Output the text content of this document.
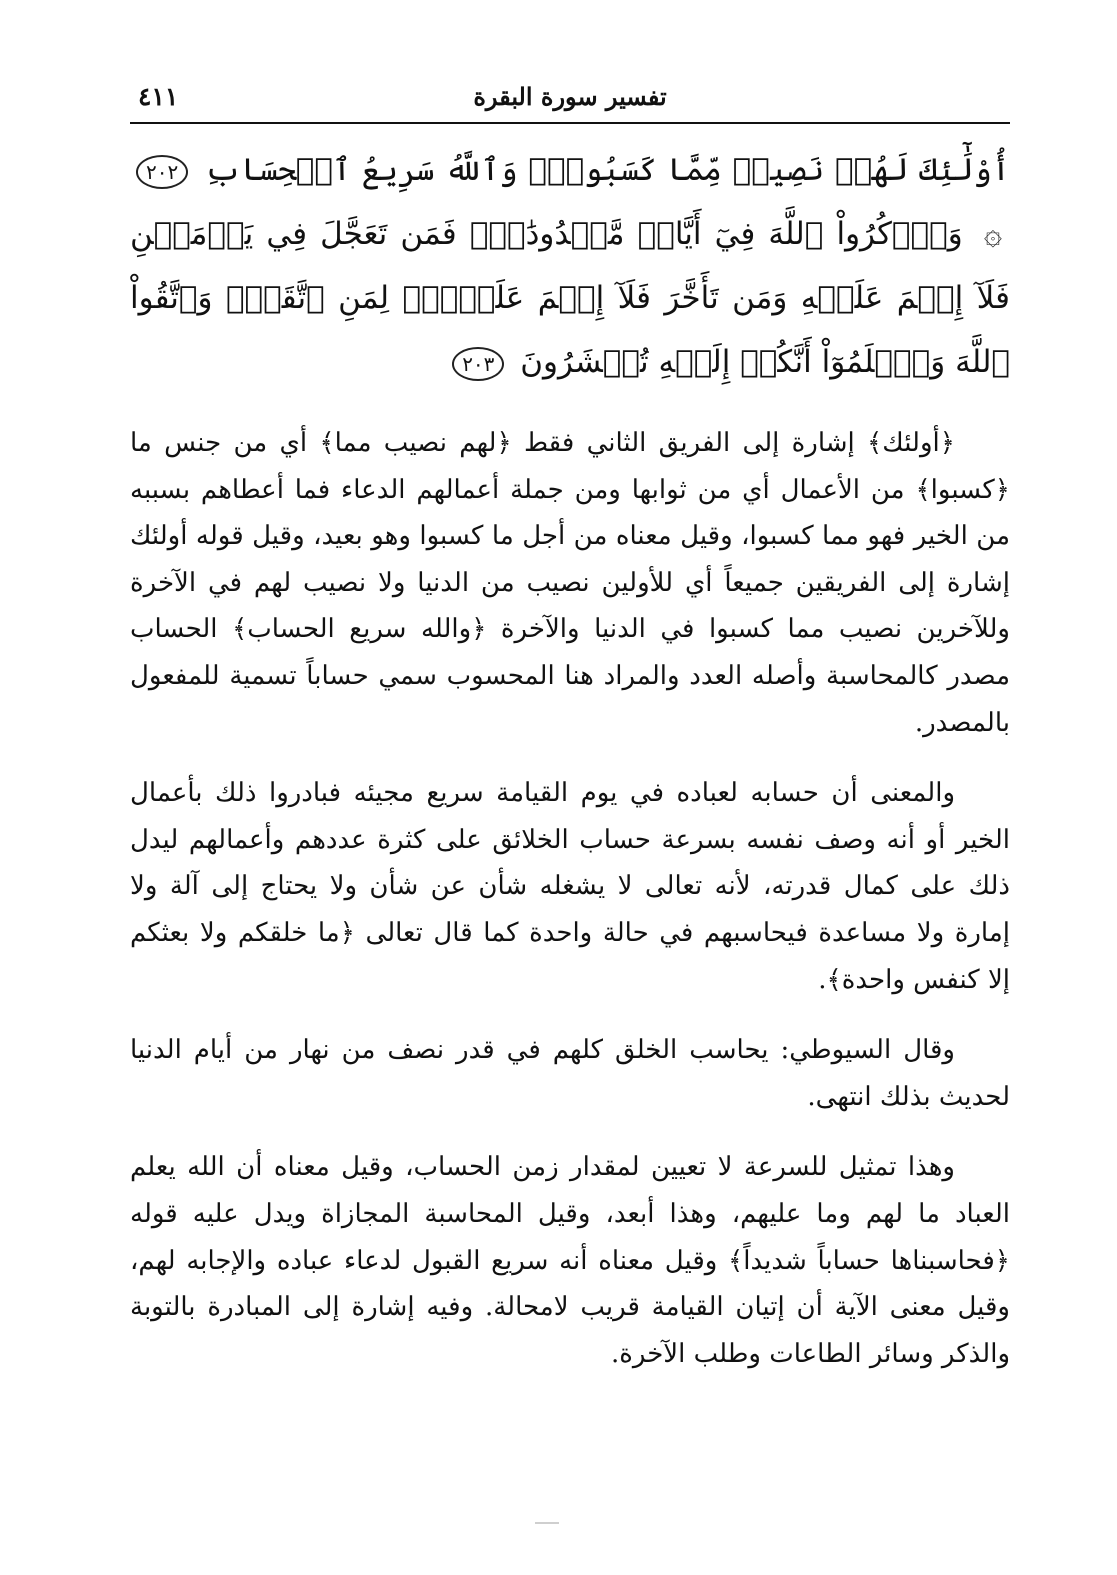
تفسير سورة البقرة
٤١١
أُوْلَٰٓئِكَ لَهُمۡ نَصِيبٞ مِّمَّا كَسَبُواْۚ وَٱللَّهُ سَرِيعُ ٱلۡحِسَابِ ٢٠٢ ۞ وَٱذۡكُرُواْ ٱللَّهَ فِيٓ أَيَّامٖ مَّعۡدُودَٰتٖۚ فَمَن تَعَجَّلَ فِي يَوۡمَيۡنِ فَلَآ إِثۡمَ عَلَيۡهِ وَمَن تَأَخَّرَ فَلَآ إِثۡمَ عَلَيۡهِۖ لِمَنِ ٱتَّقَىٰۗ وَٱتَّقُواْ ٱللَّهَ وَٱعۡلَمُوٓاْ أَنَّكُمۡ إِلَيۡهِ تُحۡشَرُونَ ٢٠٣

﴿أولئك﴾ إشارة إلى الفريق الثاني فقط ﴿لهم نصيب مما﴾ أي من جنس ما ﴿كسبوا﴾ من الأعمال أي من ثوابها ومن جملة أعمالهم الدعاء فما أعطاهم بسببه من الخير فهو مما كسبوا، وقيل معناه من أجل ما كسبوا وهو بعيد، وقيل قوله أولئك إشارة إلى الفريقين جميعاً أي للأولين نصيب من الدنيا ولا نصيب لهم في الآخرة وللآخرين نصيب مما كسبوا في الدنيا والآخرة ﴿والله سريع الحساب﴾ الحساب مصدر كالمحاسبة وأصله العدد والمراد هنا المحسوب سمي حساباً تسمية للمفعول بالمصدر.

والمعنى أن حسابه لعباده في يوم القيامة سريع مجيئه فبادروا ذلك بأعمال الخير أو أنه وصف نفسه بسرعة حساب الخلائق على كثرة عددهم وأعمالهم ليدل ذلك على كمال قدرته، لأنه تعالى لا يشغله شأن عن شأن ولا يحتاج إلى آلة ولا إمارة ولا مساعدة فيحاسبهم في حالة واحدة كما قال تعالى ﴿ما خلقكم ولا بعثكم إلا كنفس واحدة﴾.

وقال السيوطي: يحاسب الخلق كلهم في قدر نصف من نهار من أيام الدنيا لحديث بذلك انتهى.

وهذا تمثيل للسرعة لا تعيين لمقدار زمن الحساب، وقيل معناه أن الله يعلم العباد ما لهم وما عليهم، وهذا أبعد، وقيل المحاسبة المجازاة ويدل عليه قوله ﴿فحاسبناها حساباً شديداً﴾ وقيل معناه أنه سريع القبول لدعاء عباده والإجابه لهم، وقيل معنى الآية أن إتيان القيامة قريب لامحالة. وفيه إشارة إلى المبادرة بالتوبة والذكر وسائر الطاعات وطلب الآخرة.
